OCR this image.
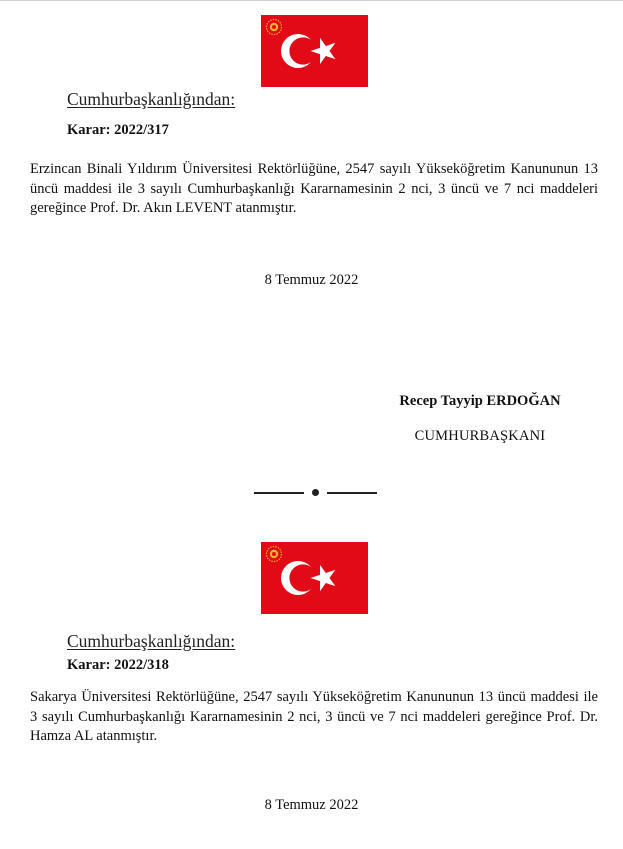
Cumhurbaşkanlığından:
Karar: 2022/317

Erzincan Binali Yıldırım Üniversitesi Rektörlüğüne, 2547 sayılı Yükseköğretim Kanununun 13 üncü maddesi ile 3 sayılı Cumhurbaşkanlığı Kararnamesinin 2 nci, 3 üncü ve 7 nci maddeleri gereğince Prof. Dr. Akın LEVENT atanmıştır.

8 Temmuz 2022
Recep Tayyip ERDOĞAN
CUMHURBAŞKANI
Cumhurbaşkanlığından:
Karar: 2022/318

Sakarya Üniversitesi Rektörlüğüne, 2547 sayılı Yükseköğretim Kanununun 13 üncü maddesi ile 3 sayılı Cumhurbaşkanlığı Kararnamesinin 2 nci, 3 üncü ve 7 nci maddeleri gereğince Prof. Dr. Hamza AL atanmıştır.

8 Temmuz 2022
